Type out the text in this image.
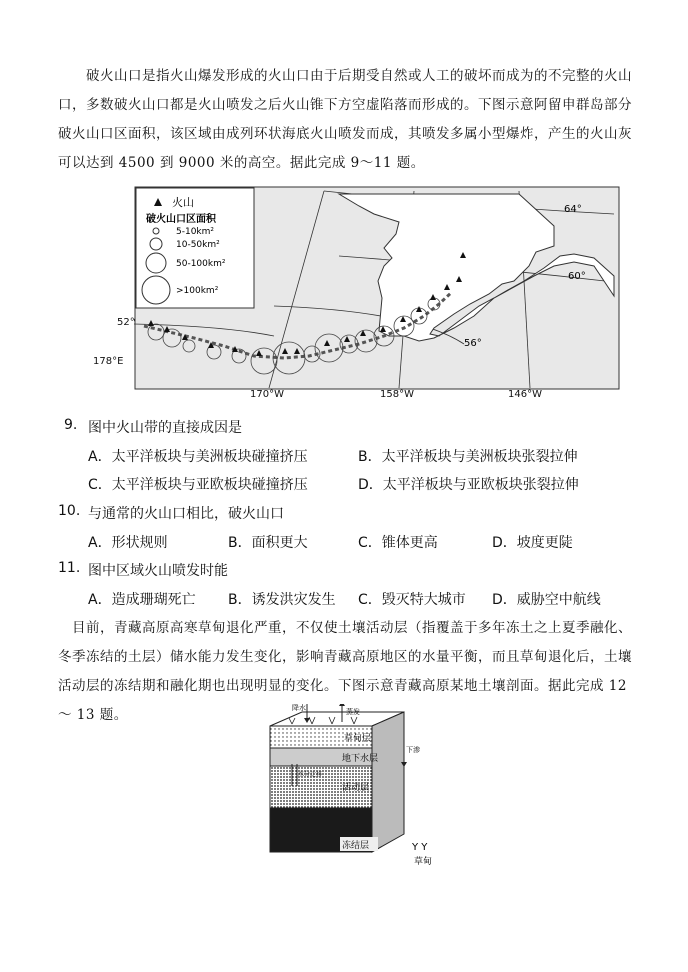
破火山口是指火山爆发形成的火山口由于后期受自然或人工的破坏而成为的不完整的火山口，多数破火山口都是火山喷发之后火山锥下方空虚陷落而形成的。下图示意阿留申群岛部分破火山口区面积，该区域由成列环状海底火山喷发而成，其喷发多属小型爆炸，产生的火山灰可以达到 4500 到 9000 米的高空。据此完成 9～11 题。
火山
破火山口区面积
5-10km²
10-50km²
50-100km²
>100km²
64°
60°
56°
52°
178°E
170°W	158°W	146°W
9. 图中火山带的直接成因是
A．太平洋板块与美洲板块碰撞挤压	B．太平洋板块与美洲板块张裂拉伸
C．太平洋板块与亚欧板块碰撞挤压	D．太平洋板块与亚欧板块张裂拉伸
10. 与通常的火山口相比，破火山口
A．形状规则	B．面积更大	C．锥体更高	D．坡度更陡
11. 图中区域火山喷发时能
A．造成珊瑚死亡 B．诱发洪灾发生 C．毁灭特大城市 D．威胁空中航线
目前，青藏高原高寒草甸退化严重，不仅使土壤活动层（指覆盖于多年冻土之上夏季融化、冬季冻结的土层）储水能力发生变化，影响青藏高原地区的水量平衡，而且草甸退化后，土壤活动层的冻结期和融化期也出现明显的变化。下图示意青藏高原某地土壤剖面。据此完成 12～ 13 题。	降水	蒸发
下渗
水分迁移
草甸层
地下水层
活动层
冻结层	Y Y
草甸
